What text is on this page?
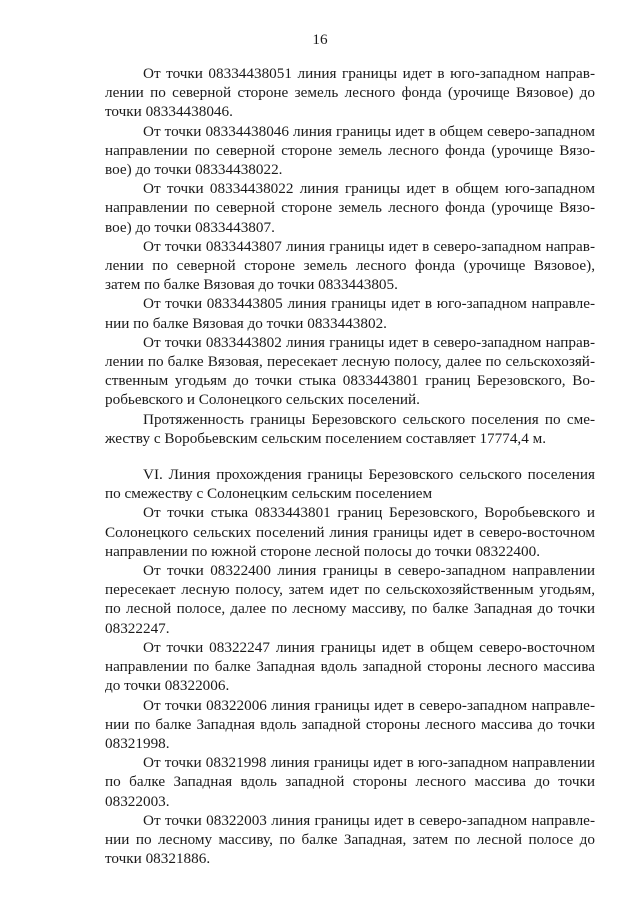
16

От точки 08334438051 линия границы идет в юго-западном направлении по северной стороне земель лесного фонда (урочище Вязовое) до точки 08334438046.

От точки 08334438046 линия границы идет в общем северо-западном направлении по северной стороне земель лесного фонда (урочище Вязовое) до точки 08334438022.

От точки 08334438022 линия границы идет в общем юго-западном направлении по северной стороне земель лесного фонда (урочище Вязовое) до точки 0833443807.

От точки 0833443807 линия границы идет в северо-западном направлении по северной стороне земель лесного фонда (урочище Вязовое), затем по балке Вязовая до точки 0833443805.

От точки 0833443805 линия границы идет в юго-западном направлении по балке Вязовая до точки 0833443802.

От точки 0833443802 линия границы идет в северо-западном направлении по балке Вязовая, пересекает лесную полосу, далее по сельскохозяйственным угодьям до точки стыка 0833443801 границ Березовского, Воробьевского и Солонецкого сельских поселений.

Протяженность границы Березовского сельского поселения по смежеству с Воробьевским сельским поселением составляет 17774,4 м.

VI. Линия прохождения границы Березовского сельского поселения по смежеству с Солонецким сельским поселением

От точки стыка 0833443801 границ Березовского, Воробьевского и Солонецкого сельских поселений линия границы идет в северо-восточном направлении по южной стороне лесной полосы до точки 08322400.

От точки 08322400 линия границы в северо-западном направлении пересекает лесную полосу, затем идет по сельскохозяйственным угодьям, по лесной полосе, далее по лесному массиву, по балке Западная до точки 08322247.

От точки 08322247 линия границы идет в общем северо-восточном направлении по балке Западная вдоль западной стороны лесного массива до точки 08322006.

От точки 08322006 линия границы идет в северо-западном направлении по балке Западная вдоль западной стороны лесного массива до точки 08321998.

От точки 08321998 линия границы идет в юго-западном направлении по балке Западная вдоль западной стороны лесного массива до точки 08322003.

От точки 08322003 линия границы идет в северо-западном направлении по лесному массиву, по балке Западная, затем по лесной полосе до точки 08321886.
